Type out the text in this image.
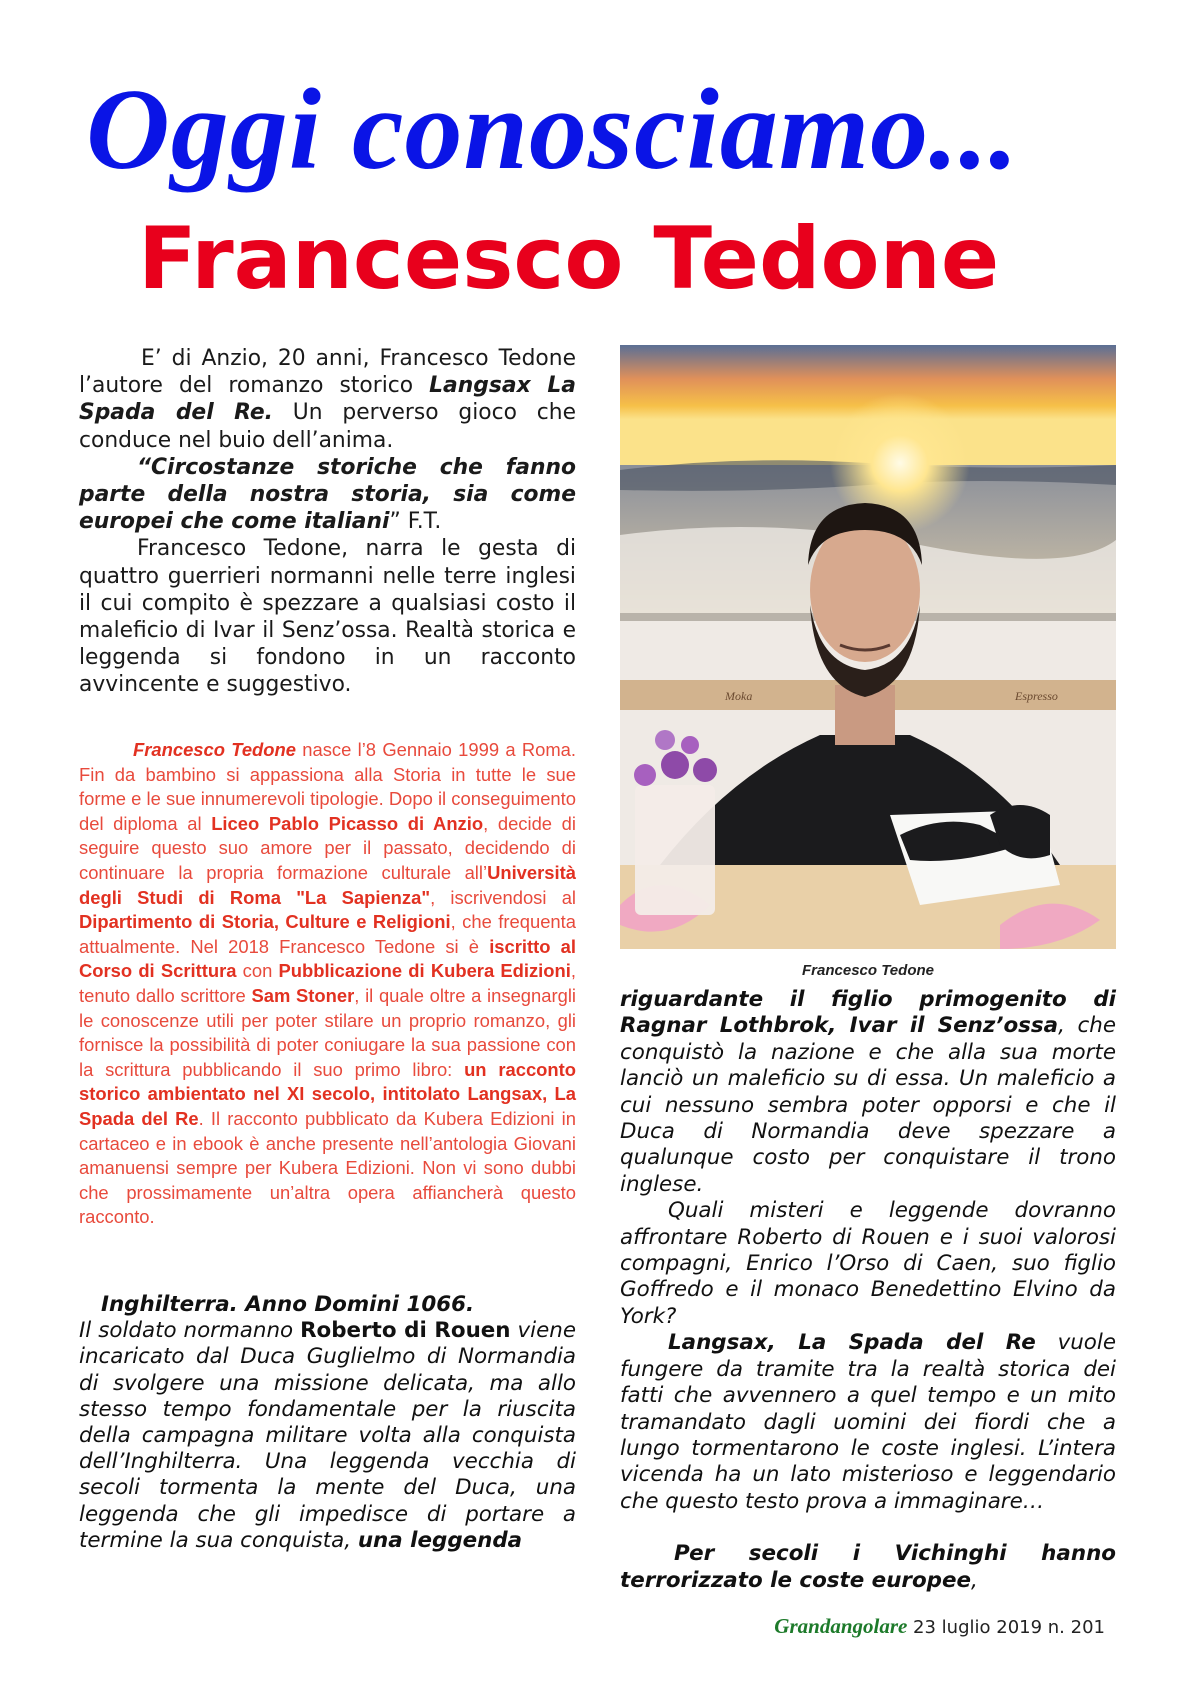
Oggi conosciamo...
Francesco Tedone

E’ di Anzio, 20 anni, Francesco Tedone l’autore del romanzo storico Langsax La Spada del Re. Un perverso gioco che conduce nel buio dell’anima.

“Circostanze storiche che fanno parte della nostra storia, sia come europei che come italiani” F.T.

Francesco Tedone, narra le gesta di quattro guerrieri normanni nelle terre inglesi il cui compito è spezzare a qualsiasi costo il maleficio di Ivar il Senz’ossa. Realtà storica e leggenda si fondono in un racconto avvincente e suggestivo.

Francesco Tedone nasce l’8 Gennaio 1999 a Roma. Fin da bambino si appassiona alla Storia in tutte le sue forme e le sue innumerevoli tipologie. Dopo il conseguimento del diploma al Liceo Pablo Picasso di Anzio, decide di seguire questo suo amore per il passato, decidendo di continuare la propria formazione culturale all’Università degli Studi di Roma "La Sapienza", iscrivendosi al Dipartimento di Storia, Culture e Religioni, che frequenta attualmente. Nel 2018 Francesco Tedone si è iscritto al Corso di Scrittura con Pubblicazione di Kubera Edizioni, tenuto dallo scrittore Sam Stoner, il quale oltre a insegnargli le conoscenze utili per poter stilare un proprio romanzo, gli fornisce la possibilità di poter coniugare la sua passione con la scrittura pubblicando il suo primo libro: un racconto storico ambientato nel XI secolo, intitolato Langsax, La Spada del Re. Il racconto pubblicato da Kubera Edizioni in cartaceo e in ebook è anche presente nell’antologia Giovani amanuensi sempre per Kubera Edizioni. Non vi sono dubbi che prossimamente un’altra opera affiancherà questo racconto.

Inghilterra. Anno Domini 1066.

Il soldato normanno Roberto di Rouen viene incaricato dal Duca Guglielmo di Normandia di svolgere una missione delicata, ma allo stesso tempo fondamentale per la riuscita della campagna militare volta alla conquista dell’Inghilterra. Una leggenda vecchia di secoli tormenta la mente del Duca, una leggenda che gli impedisce di portare a termine la sua conquista, una leggenda

Moka	Espresso
Francesco Tedone

riguardante il figlio primogenito di Ragnar Lothbrok, Ivar il Senz’ossa, che conquistò la nazione e che alla sua morte lanciò un maleficio su di essa. Un maleficio a cui nessuno sembra poter opporsi e che il Duca di Normandia deve spezzare a qualunque costo per conquistare il trono inglese.

Quali misteri e leggende dovranno affrontare Roberto di Rouen e i suoi valorosi compagni, Enrico l’Orso di Caen, suo figlio Goffredo e il monaco Benedettino Elvino da York?

Langsax, La Spada del Re vuole fungere da tramite tra la realtà storica dei fatti che avvennero a quel tempo e un mito tramandato dagli uomini dei fiordi che a lungo tormentarono le coste inglesi. L’intera vicenda ha un lato misterioso e leggendario che questo testo prova a immaginare…

Per secoli i Vichinghi hanno terrorizzato le coste europee,

Grandangolare 23 luglio 2019 n. 201
